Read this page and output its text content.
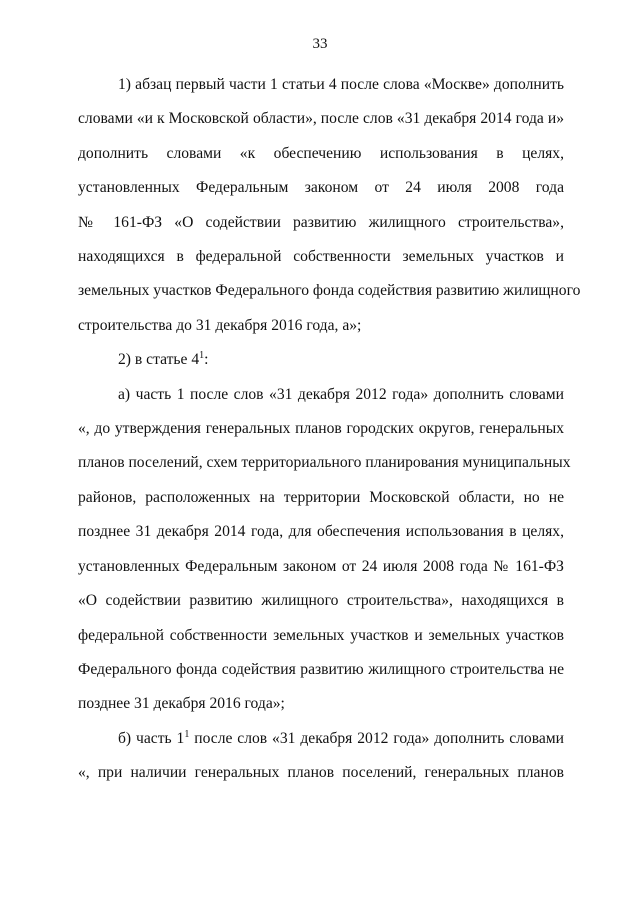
33
1) абзац первый части 1 статьи 4 после слова «Москве» дополнить
словами «и к Московской области», после слов «31 декабря 2014 года и»
дополнить словами «к обеспечению использования в целях,
установленных Федеральным законом от 24 июля 2008 года
№ 161-ФЗ «О содействии развитию жилищного строительства»,
находящихся в федеральной собственности земельных участков и
земельных участков Федерального фонда содействия развитию жилищного
строительства до 31 декабря 2016 года, а»;
2) в статье $4^1$:
а) часть 1 после слов «31 декабря 2012 года» дополнить словами
«, до утверждения генеральных планов городских округов, генеральных
планов поселений, схем территориального планирования муниципальных
районов, расположенных на территории Московской области, но не
позднее 31 декабря 2014 года, для обеспечения использования в целях,
установленных Федеральным законом от 24 июля 2008 года № 161-ФЗ
«О содействии развитию жилищного строительства», находящихся в
федеральной собственности земельных участков и земельных участков
Федерального фонда содействия развитию жилищного строительства не
позднее 31 декабря 2016 года»;
б) часть $1^1$ после слов «31 декабря 2012 года» дополнить словами
«, при наличии генеральных планов поселений, генеральных планов
